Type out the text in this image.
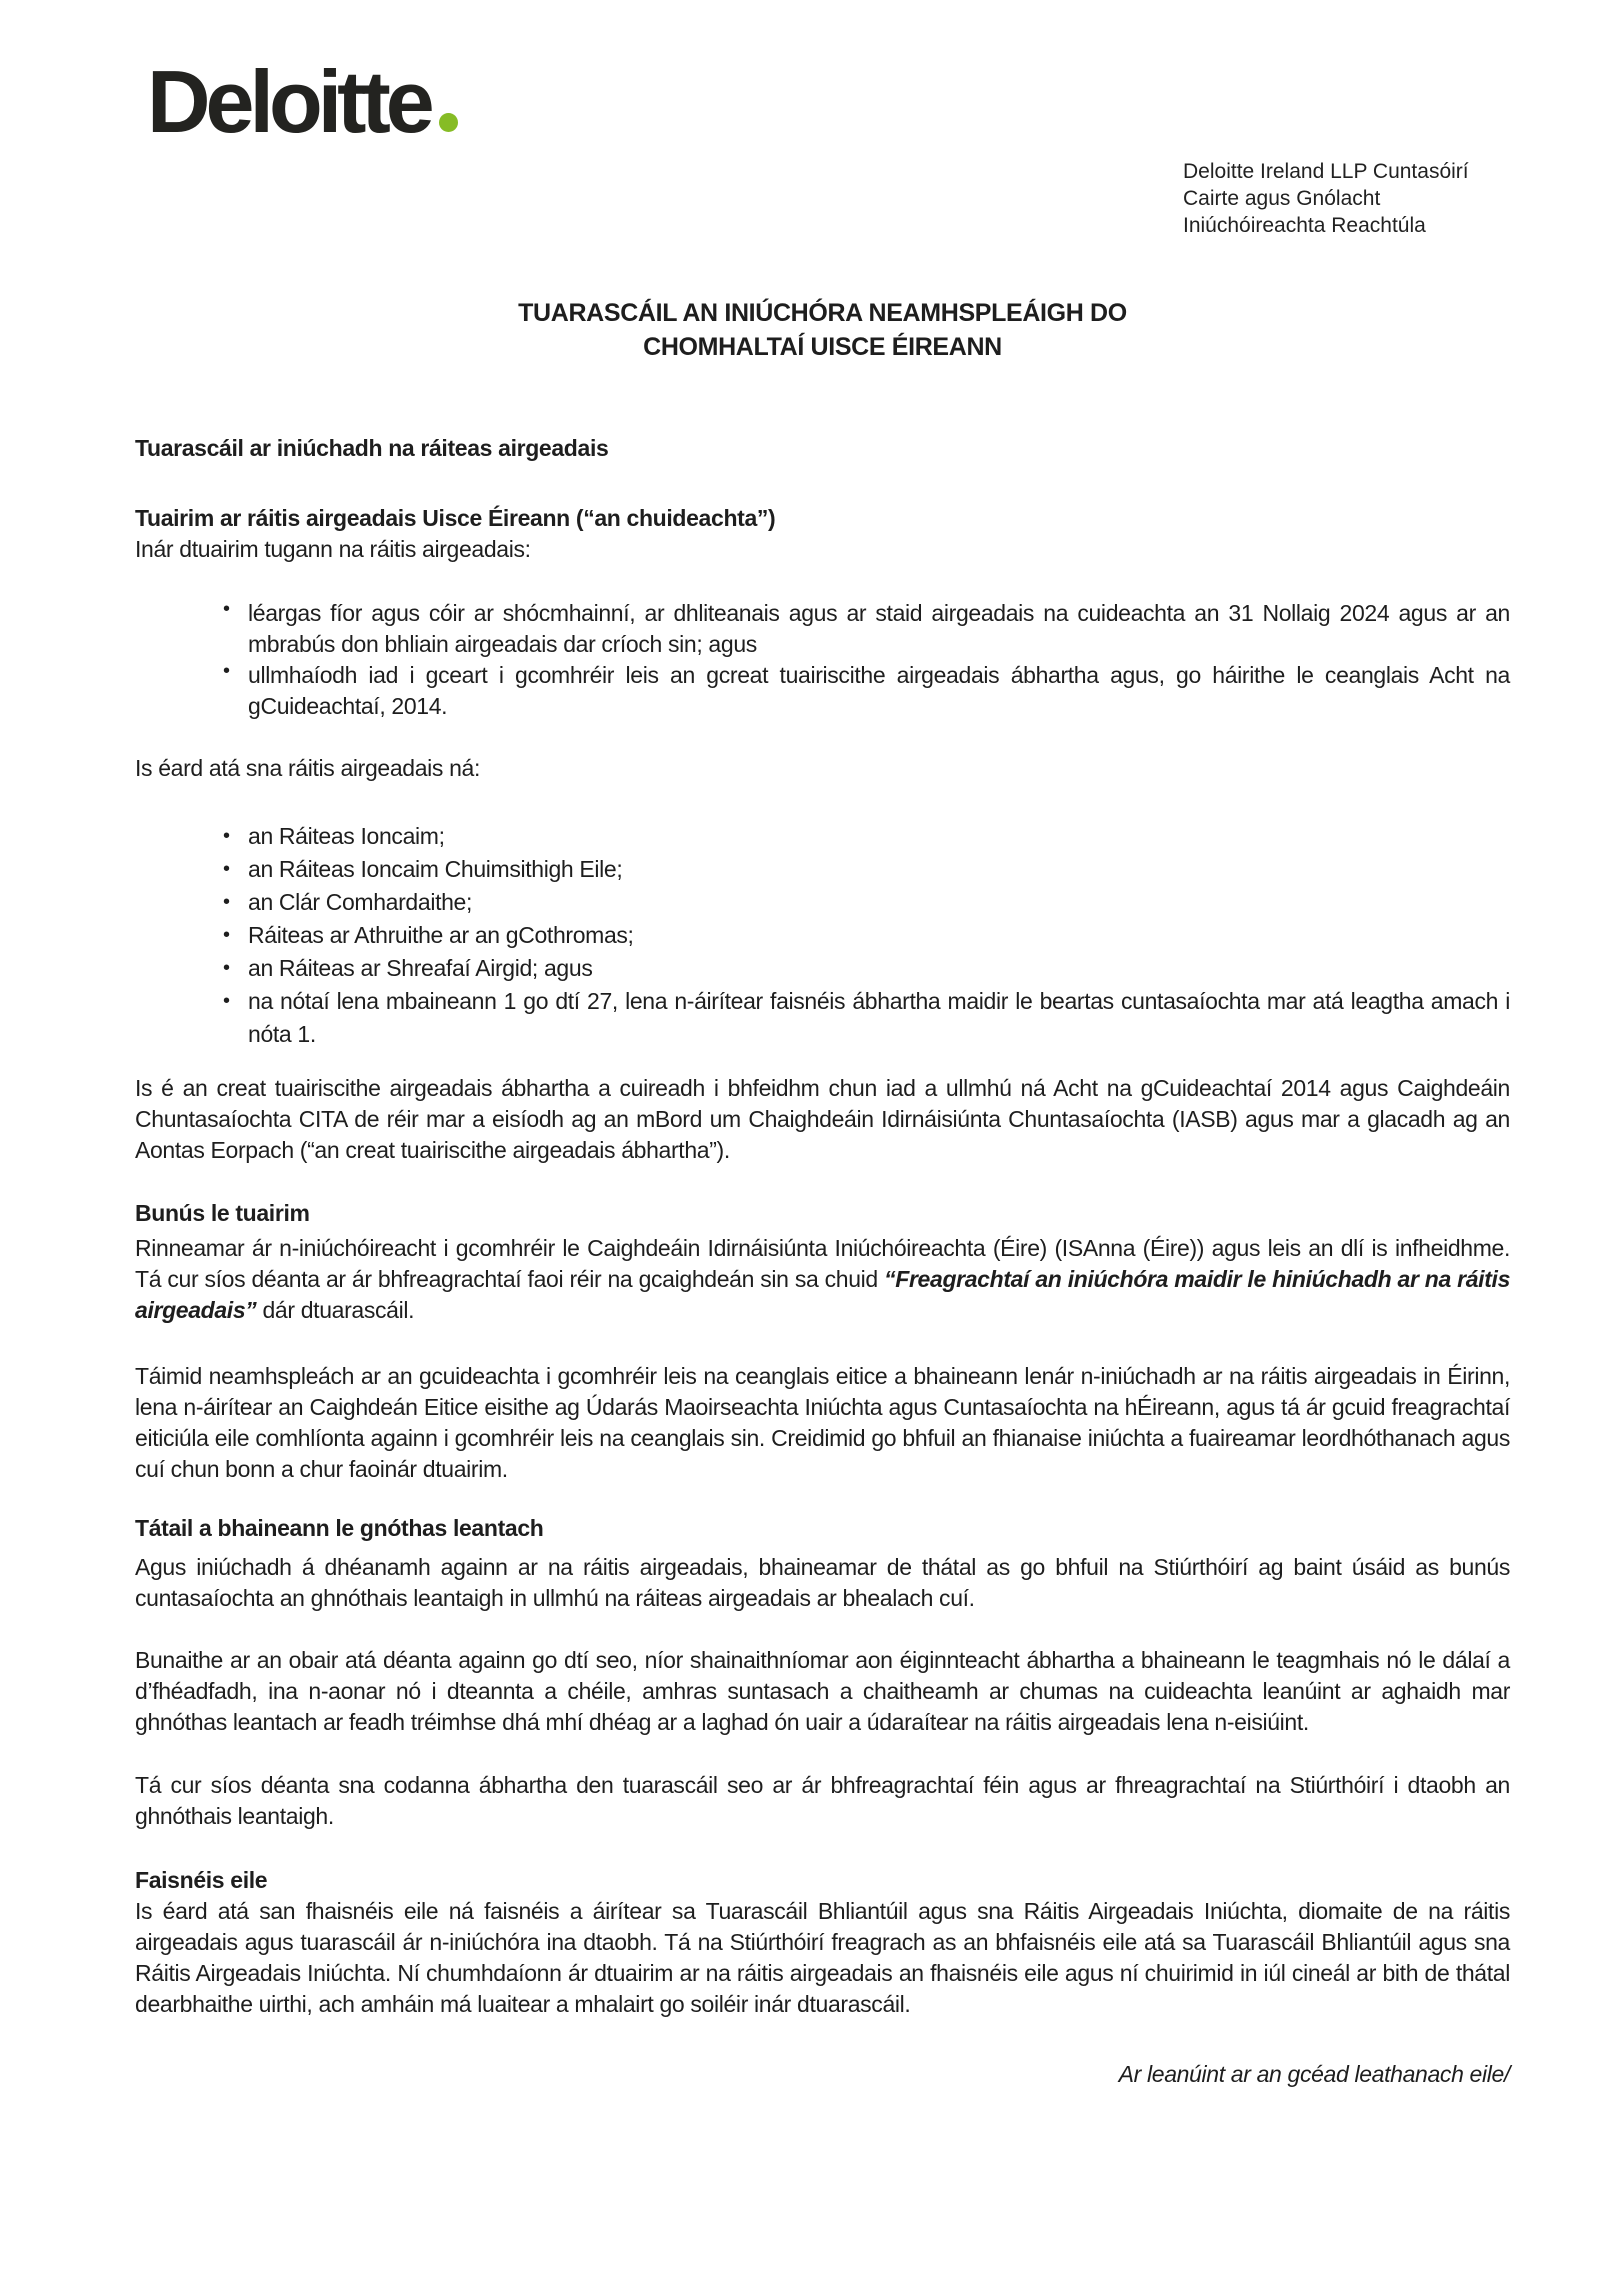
Deloitte
Deloitte Ireland LLP Cuntasóirí
Cairte agus Gnólacht
Iniúchóireachta Reachtúla
TUARASCÁIL AN INIÚCHÓRA NEAMHSPLEÁIGH DO
CHOMHALTAÍ UISCE ÉIREANN
Tuarascáil ar iniúchadh na ráiteas airgeadais
Tuairim ar ráitis airgeadais Uisce Éireann (“an chuideachta”)
Inár dtuairim tugann na ráitis airgeadais:
• léargas fíor agus cóir ar shócmhainní, ar dhliteanais agus ar staid airgeadais na cuideachta an 31 Nollaig 2024 agus ar an mbrabús don bhliain airgeadais dar críoch sin; agus
• ullmhaíodh iad i gceart i gcomhréir leis an gcreat tuairiscithe airgeadais ábhartha agus, go háirithe le ceanglais Acht na gCuideachtaí, 2014.
Is éard atá sna ráitis airgeadais ná:
• an Ráiteas Ioncaim;
• an Ráiteas Ioncaim Chuimsithigh Eile;
• an Clár Comhardaithe;
• Ráiteas ar Athruithe ar an gCothromas;
• an Ráiteas ar Shreafaí Airgid; agus
• na nótaí lena mbaineann 1 go dtí 27, lena n-áirítear faisnéis ábhartha maidir le beartas cuntasaíochta mar atá leagtha amach i nóta 1.
Is é an creat tuairiscithe airgeadais ábhartha a cuireadh i bhfeidhm chun iad a ullmhú ná Acht na gCuideachtaí 2014 agus Caighdeáin Chuntasaíochta CITA de réir mar a eisíodh ag an mBord um Chaighdeáin Idirnáisiúnta Chuntasaíochta (IASB) agus mar a glacadh ag an Aontas Eorpach (“an creat tuairiscithe airgeadais ábhartha”).
Bunús le tuairim
Rinneamar ár n-iniúchóireacht i gcomhréir le Caighdeáin Idirnáisiúnta Iniúchóireachta (Éire) (ISAnna (Éire)) agus leis an dlí is infheidhme. Tá cur síos déanta ar ár bhfreagrachtaí faoi réir na gcaighdeán sin sa chuid “Freagrachtaí an iniúchóra maidir le hiniúchadh ar na ráitis airgeadais” dár dtuarascáil.
Táimid neamhspleách ar an gcuideachta i gcomhréir leis na ceanglais eitice a bhaineann lenár n-iniúchadh ar na ráitis airgeadais in Éirinn, lena n-áirítear an Caighdeán Eitice eisithe ag Údarás Maoirseachta Iniúchta agus Cuntasaíochta na hÉireann, agus tá ár gcuid freagrachtaí eiticiúla eile comhlíonta againn i gcomhréir leis na ceanglais sin. Creidimid go bhfuil an fhianaise iniúchta a fuaireamar leordhóthanach agus cuí chun bonn a chur faoinár dtuairim.
Tátail a bhaineann le gnóthas leantach
Agus iniúchadh á dhéanamh againn ar na ráitis airgeadais, bhaineamar de thátal as go bhfuil na Stiúrthóirí ag baint úsáid as bunús cuntasaíochta an ghnóthais leantaigh in ullmhú na ráiteas airgeadais ar bhealach cuí.
Bunaithe ar an obair atá déanta againn go dtí seo, níor shainaithníomar aon éiginnteacht ábhartha a bhaineann le teagmhais nó le dálaí a d’fhéadfadh, ina n-aonar nó i dteannta a chéile, amhras suntasach a chaitheamh ar chumas na cuideachta leanúint ar aghaidh mar ghnóthas leantach ar feadh tréimhse dhá mhí dhéag ar a laghad ón uair a údaraítear na ráitis airgeadais lena n-eisiúint.
Tá cur síos déanta sna codanna ábhartha den tuarascáil seo ar ár bhfreagrachtaí féin agus ar fhreagrachtaí na Stiúrthóirí i dtaobh an ghnóthais leantaigh.
Faisnéis eile
Is éard atá san fhaisnéis eile ná faisnéis a áirítear sa Tuarascáil Bhliantúil agus sna Ráitis Airgeadais Iniúchta, diomaite de na ráitis airgeadais agus tuarascáil ár n-iniúchóra ina dtaobh. Tá na Stiúrthóirí freagrach as an bhfaisnéis eile atá sa Tuarascáil Bhliantúil agus sna Ráitis Airgeadais Iniúchta. Ní chumhdaíonn ár dtuairim ar na ráitis airgeadais an fhaisnéis eile agus ní chuirimid in iúl cineál ar bith de thátal dearbhaithe uirthi, ach amháin má luaitear a mhalairt go soiléir inár dtuarascáil.
Ar leanúint ar an gcéad leathanach eile/
